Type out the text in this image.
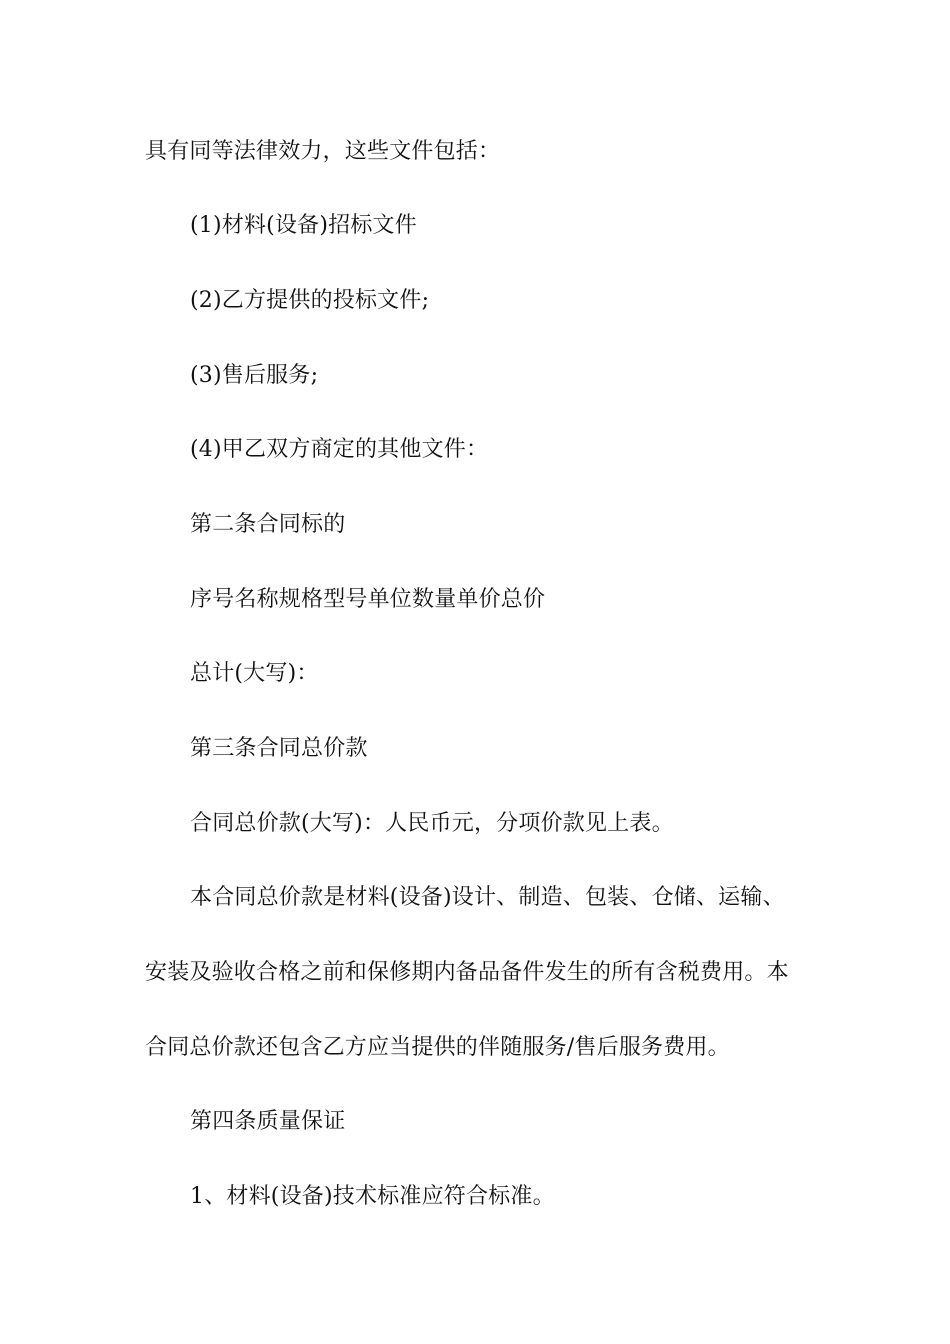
具有同等法律效力，这些文件包括：
(1)材料(设备)招标文件
(2)乙方提供的投标文件;
(3)售后服务;
(4)甲乙双方商定的其他文件：
第二条合同标的
序号名称规格型号单位数量单价总价
总计(大写)：
第三条合同总价款
合同总价款(大写)：人民币元，分项价款见上表。
本合同总价款是材料(设备)设计、制造、包装、仓储、运输、
安装及验收合格之前和保修期内备品备件发生的所有含税费用。本
合同总价款还包含乙方应当提供的伴随服务/售后服务费用。
第四条质量保证
1、材料(设备)技术标准应符合标准。
